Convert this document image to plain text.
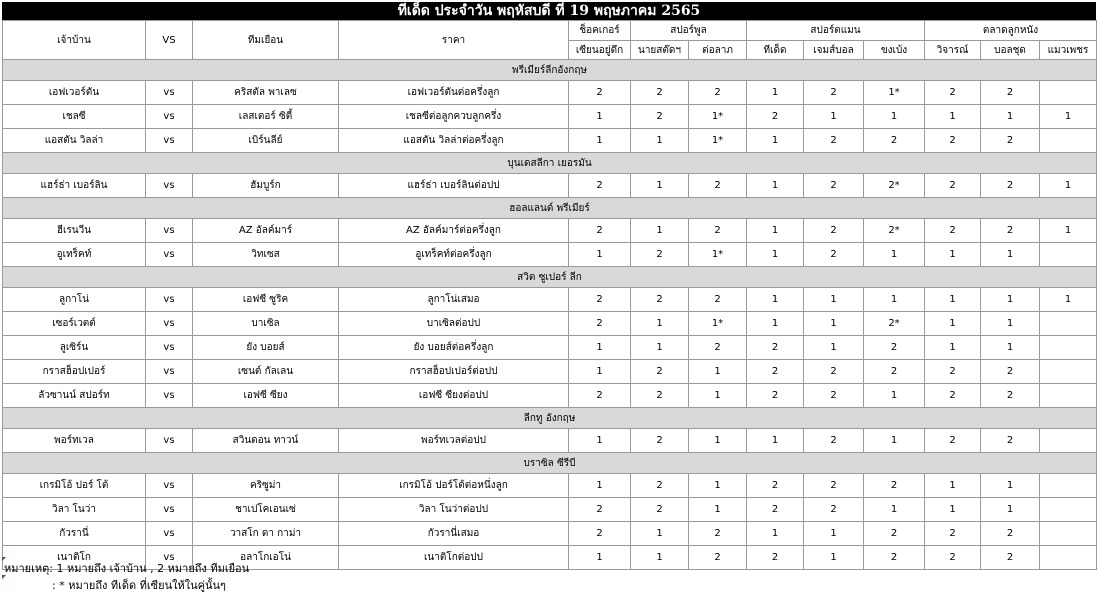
ทีเด็ด ประจำวัน พฤหัสบดี ที่ 19 พฤษภาคม 2565
เจ้าบ้าน	VS	ทีมเยือน	ราคา	ช็อคเกอร์	สปอร์พูล		สปอร์ตแมน			ตลาดลูกหนัง		
				เซียนอยู่ดึก	นายสต๊ดฯ	ต่อลาภ	ทีเด็ด	เจมส์บอล	ขงเบ้ง	วิจารณ์	บอลชุด	แมวเพชร
พรีเมียร์ลีกอังกฤษ												
เอฟเวอร์ตัน	vs	คริสตัล พาเลซ	เอฟเวอร์ตันต่อครึ่งลูก	2	2	2	1	2	1*	2	2	
เชลซี	vs	เลสเตอร์ ซิตี้	เชลซีต่อลูกควบลูกครึ่ง	1	2	1*	2	1	1	1	1	1
แอสตัน วิลล่า	vs	เบิร์นลีย์	แอสตัน วิลล่าต่อครึ่งลูก	1	1	1*	1	2	2	2	2	
บุนเดสลีกา เยอรมัน												
แฮร์ธ่า เบอร์ลิน	vs	ฮัมบูร์ก	แฮร์ธ่า เบอร์ลินต่อปป	2	1	2	1	2	2*	2	2	1
ฮอลแลนด์ พรีเมียร์												
ฮีเรนวีน	vs	AZ อัลค์มาร์	AZ อัลค์มาร์ต่อครึ่งลูก	2	1	2	1	2	2*	2	2	1
อูเทร็คท์	vs	วิทเซส	อูเทร็คท์ต่อครึ่งลูก	1	2	1*	1	2	1	1	1	
สวิต ซูเปอร์ ลีก												
ลูกาโน่	vs	เอฟซี ซูริค	ลูกาโน่เสมอ	2	2	2	1	1	1	1	1	1
เซอร์เวตต์	vs	บาเซิล	บาเซิลต่อปป	2	1	1*	1	1	2*	1	1	
ลูเซิร์น	vs	ยัง บอยส์	ยัง บอยส์ต่อครึ่งลูก	1	1	2	2	1	2	1	1	
กราสฮ็อปเปอร์	vs	เซนต์ กัลเลน	กราสฮ็อปเปอร์ต่อปป	1	2	1	2	2	2	2	2	
ลัวซานน์ สปอร์ท	vs	เอฟซี ซียง	เอฟซี ซียงต่อปป	2	2	1	2	2	1	2	2	
ลีกทู อังกฤษ												
พอร์ทเวล	vs	สวินดอน ทาวน์	พอร์ทเวลต่อปป	1	2	1	1	2	1	2	2	
บราซิล ซีรีบี												
เกรมิโอ้ ปอร์ โต้	vs	คริซูม่า	เกรมิโอ้ ปอร์โต้ต่อหนึ่งลูก	1	2	1	2	2	2	1	1	
วิลา โนว่า	vs	ชาเปโคเอนเซ่	วิลา โนว่าต่อปป	2	2	1	2	2	1	1	1	
กัวรานี่	vs	วาสโก ดา กาม่า	กัวรานี่เสมอ	2	1	2	1	1	2	2	2	
เนาติโก	vs	อลาโกเอโน่	เนาติโกต่อปป	1	1	2	2	1	2	2	2	
หมายเหตุ: 1 หมายถึง เจ้าบ้าน , 2 หมายถึง ทีมเยือน
: * หมายถึง ทีเด็ด ที่เซียนให้ในคู่นั้นๆ
